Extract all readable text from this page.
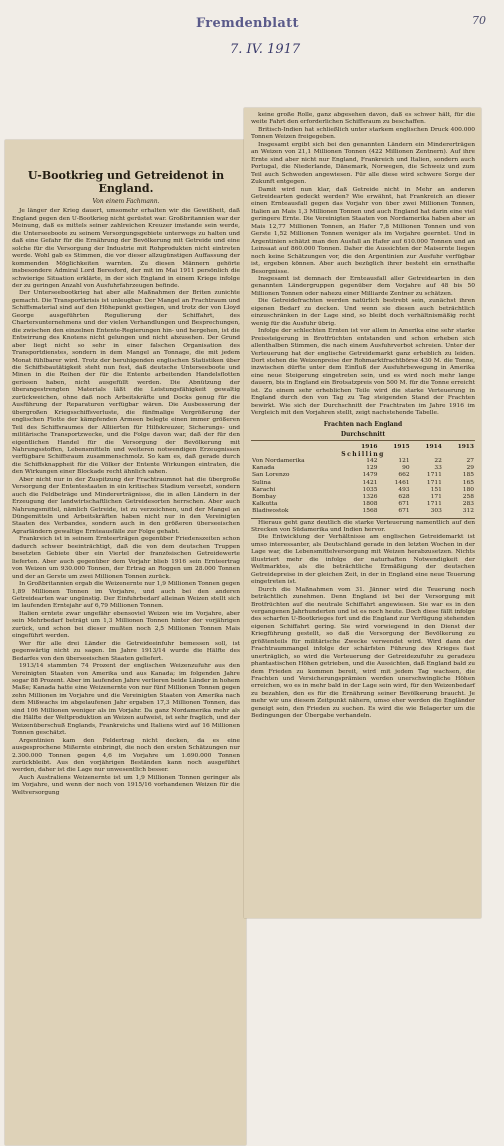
Fremdenblatt
7. IV. 1917
70
U-Bootkrieg und Getreidenot in England.
Von einem Fachmann.

Je länger der Krieg dauert, umsomehr erhalten wir die Gewißheit, daß England gegen den U-Bootkrieg nicht gerüstet war. Großbritannien war der Meinung, daß es mittels seiner zahlreichen Kreuzer imstande sein werde, die Unterseeboote zu seinem Versorgungsgebiete unterwegs zu halten und daß eine Gefahr für die Ernährung der Bevölkerung mit Getreide und eine solche für die Versorgung der Industrie mit Rohprodukten nicht eintreten werde. Wohl gab es Stimmen, die vor dieser allzugünstigen Auffassung der kommenden Möglichkeiten warnten. Zu diesen Männern gehörte insbesondere Admiral Lord Beresford, der mit im Mai 1911 persönlich die schwierige Situation erklärte, in der sich England in einem Kriege infolge der zu geringen Anzahl von Ausfuhrfahrzeugen befinde.

Der Unterseebootkrieg hat aber alle Maßnahmen der Briten zunichte gemacht. Die Transportkrisis ist unleugbar. Der Mangel an Frachtraum und Schiffsmaterial sind auf den Höhepunkt gestiegen, und trotz der von Lloyd George ausgeführten Regulierung der Schiffahrt, des Chartersunternehmens und der vielen Verhandlungen und Besprechungen, die zwischen den einzelnen Entente-Regierungen hin- und hergehen, ist die Entwirrung des Knotens nicht gelungen und nicht abzusehen. Der Grund aber liegt nicht so sehr in einer falschen Organisation des Transportdienstes, sondern in dem Mangel an Tonnage, die mit jedem Monat fühlbarer wird. Trotz der beruhigenden englischen Statistiken über die Schiffsbautätigkeit steht nun fest, daß deutsche Unterseeboote und Minen in die Reihen der für die Entente arbeitenden Handelsflotten gerissen haben, nicht ausgefüllt werden. Die Abnützung der überangestrengten Materials läßt die Leistungsfähigkeit gewaltig zurückweichen, ohne daß noch Arbeitskräfte und Docks genug für die Ausführung der Reparaturen verfügbar wären. Die Ausbesserung der übergroßen Kriegsschiffsverluste, die fünfmalige Vergrößerung der englischen Flotte der kämpfenden Armeen belegte einen immer größeren Teil des Schiffsraumes der Alliierten für Hilfskreuzer, Sicherungs- und militärische Transportzwecke, und die Folge davon war, daß der für den eigentlichen Handel für die Versorgung der Bevölkerung mit Nahrungsstoffen, Lebensmitteln und weiteren notwendigen Erzeugnissen verfügbare Schiffsraum zusammenschmolz. So kam es, daß gerade durch die Schiffsknappheit für die Völker der Entente Wirkungen eintraten, die den Wirkungen einer Blockade recht ähnlich sahen.

Aber nicht nur in der Zuspitzung der Frachtraumnot hat die übergroße Versorgung der Ententestaaten in ein kritisches Stadium versetzt, sondern auch die Feldbeträge und Mindererträgnisse, die in allen Ländern in der Erzeugung der landwirtschaftlichen Getreidesorten herrschen. Aber auch Nahrungsmittel, nämlich Getreide, ist zu verzeichnen, und der Mangel an Düngemitteln und Arbeitskräften haben nicht nur in den Vereinigten Staaten des Verbandes, sondern auch in den größeren überseeischen Agrarländern gewaltige Ernteausfälle zur Folge gehabt.

Frankreich ist in seinem Ernteerträgen gegenüber Friedenszeiten schon dadurch schwer beeinträchtigt, daß die von dem deutschen Truppen besetzten Gebiete über ein Viertel der französischen Getreidewerte lieferten. Aber auch gegenüber dem Vorjahr blieb 1916 sein Ernteertrag von Weizen um 930.000 Tonnen, der Ertrag an Roggen um 28.000 Tonnen und der an Gerste um zwei Millionen Tonnen zurück.

In Großbritannien ergab die Weizenernte nur 1,9 Millionen Tonnen gegen 1,89 Millionen Tonnen im Vorjahre, und auch bei den anderen Getreidearten war ungünstig. Der Einfuhrbedarf alleinan Weizen stellt sich im laufenden Erntejahr auf 6,79 Millionen Tonnen.

Italien erntete zwar ungefähr ebensoviel Weizen wie im Vorjahre, aber sein Mehrbedarf beträgt um 1,3 Millionen Tonnen hinter der vorjährigen zurück, und schon bei dieser mußten noch 2,5 Millionen Tonnen Mais eingeführt werden.

Wer für alle drei Länder die Getreideeinfuhr bemessen soll, ist gegenwärtig nicht zu sagen. Im Jahre 1913/14 wurde die Hälfte des Bedarfes von den überseeischen Staaten geliefert.

1913/14 stammten 74 Prozent der englischen Weizenzufuhr aus den Vereinigten Staaten von Amerika und aus Kanada; im folgenden Jahre sogar 88 Prozent. Aber im laufenden Jahre verlieren beide Länder in hohem Maße; Kanada hatte eine Weizenernte von nur fünf Millionen Tonnen gegen zehn Millionen im Vorjahre und die Vereinigten Staaten von Amerika nach dem Mißwachs im abgelaufenen Jahr ergaben 17,3 Millionen Tonnen, das sind 106 Millionen weniger als im Vorjahr. Da ganz Nordamerika mehr als die Hälfte der Weltproduktion an Weizen aufweist, ist sehr fraglich, und der Weizenüberschuß Englands, Frankreichs und Italiens wird auf 16 Millionen Tonnen geschätzt.

Argentinien kam den Feldertrag nicht decken, da es eine ausgesprochene Mißernte einbringt, die noch den ersten Schätzungen nur 2.300.000 Tonnen gegen 4,6 im Vorjahre um 1.690.000 Tonnen zurückbleibt. Aus den vorjährigen Beständen kann noch ausgeführt werden, daher ist die Lage nur unwesentlich besser.

Auch Australiens Weizenernte ist um 1,9 Millionen Tonnen geringer als im Vorjahre, und wenn der noch von 1915/16 vorhandenen Weizen für die Weltversorgung

keine große Rolle, ganz abgesehen davon, daß es schwer hält, für die weite Fahrt den erforderlichen Schiffsraum zu beschaffen.

Britisch-Indien hat schließlich unter starkem englischen Druck 400.000 Tonnen Weizen freigegeben.

Insgesamt ergibt sich bei den genannten Ländern ein Mindererträgen an Weizen von 21,1 Millionen Tonnen (422 Millionen Zentnern). Auf ihre Ernte sind aber nicht nur England, Frankreich und Italien, sondern auch Portugal, die Niederlande, Dänemark, Norwegen, die Schweiz und zum Teil auch Schweden angewiesen. Für alle diese wird schwere Sorge der Zukunft entgegen.

Damit wird nun klar, daß Getreide nicht in Mehr an anderen Getreidearten gedeckt werden? Wie erwähnt, hat Frankreich an dieser einen Ernteausfall gegen das Vorjahr von über zwei Millionen Tonnen, Italien an Mais 1,3 Millionen Tonnen und auch England hat darin eine viel geringere Ernte. Die Vereinigten Staaten von Nordamerika haben aber an Mais 12,77 Millionen Tonnen, an Hafer 7,8 Millionen Tonnen und von Gerste 1,52 Millionen Tonnen weniger als im Vorjahre geerntet. Und in Argentinien schätzt man den Ausfall an Hafer auf 610.000 Tonnen und an Leinsaat auf 860.000 Tonnen. Daher die Aussichten der Maisernte liegen noch keine Schätzungen vor, die den Argentinien zur Ausfuhr verfügbar ist, ergeben können. Aber auch bezüglich ihrer besteht ein ernsthafte Besorgnisse.

Insgesamt ist demnach der Ernteausfall aller Getreidearten in den genannten Ländergruppen gegenüber dem Vorjahre auf 48 bis 50 Millionen Tonnen oder nahezu einer Milliarde Zentner zu schätzen.

Die Getreidefrachten werden natürlich bestrebt sein, zunächst ihren eigenen Bedarf zu decken. Und wenn sie diesen auch beträchtlich einzuschränken in der Lage sind, so bleibt doch verhältnismäßig recht wenig für die Ausfuhr übrig.

Infolge der schlechten Ernten ist vor allem in Amerika eine sehr starke Preissteigerung in Brotfrüchten entstanden und schon erheben sich allenthalben Stimmen, die nach einem Ausfuhrverbot schreien. Unter der Verteuerung hat der englische Getreidemarkt ganz erheblich zu leiden. Dort stehen die Weizenpreise der Rohmarktfrachtbörse 430 M. die Tonne, inzwischen dürfte unter dem Einfluß der Ausfuhrbewegung in Amerika eine neue Steigerung eingetreten sein, und es wird noch mehr lange dauern, bis in England ein Brotsatzpreis von 500 M. für die Tonne erreicht ist. Zu einem sehr erheblichen Teile wird die starke Verteuerung in England durch den von Tag zu Tag steigenden Stand der Frachten bewirkt. Wie sich der Durchschnitt der Frachtraten im Jahre 1916 im Vergleich mit den Vorjahren stellt, zeigt nachstehende Tabelle.

Frachten nach England
Durchschnitt
	1916	1915	1914	1913
Schilling				
Von Nordamerika	142	121	22	27
Kanada	129	90	33	29
San Lorenzo	1479	662	1711	185
Sulina	1421	1461	1711	165
Karachi	1035	493	151	180
Bombay	1326	628	171	258
Kalkutta	1808	671	1711	283
Bladiwostok	1568	671	303	312

Hieraus geht ganz deutlich die starke Verteuerung namentlich auf den Strecken von Südamerika und Indien hervor.

Die Entwicklung der Verhältnisse am englischen Getreidemarkt ist umso interessanter, als Deutschland gerade in den letzten Wochen in der Lage war, die Lebensmittelversorgung mit Weizen herabzusetzen. Nichts illustriert mehr die infolge der naturhaften Notwendigkeit der Weltmarktes, als die beträchtliche Ermäßigung der deutschen Getreidepreise in der gleichen Zeit, in der in England eine neue Teuerung eingetreten ist.

Durch die Maßnahmen vom 31. Jänner wird die Teuerung noch beträchtlich zunehmen. Denn England ist bei der Versorgung mit Brotfrüchten auf die neutrale Schiffahrt angewiesen. Sie war es in den vergangenen Jahrhunderten und ist es noch heute. Doch diese fällt infolge des scharfen U-Bootkrieges fort und die England zur Verfügung stehenden eigenen Schiffahrt gering. Sie wird vorwiegend in den Dienst der Kriegführung gestellt, so daß die Versorgung der Bevölkerung zu größtenteils für militärische Zwecke verwendet wird. Wird dann der Frachtraummangel infolge der schärfsten Führung des Krieges fast unerträglich, so wird die Verteuerung der Getreidezufuhr zu geradezu phantastischen Höhen getrieben, und die Aussichten, daß England bald zu dem Frieden zu kommen bereit, wird mit jedem Tag wachsen, die Frachten und Versicherungsprämien werden unerschwingliche Höhen erreichen, wo es in mehr bald in der Lage sein wird, für den Weizenbedarf zu bezahlen, den es für die Ernährung seiner Bevölkerung braucht. Je mehr wir uns diesem Zeitpunkt nähern, umso eher werden die Engländer geneigt sein, den Frieden zu suchen. Es wird die wie Belagerter um die Bedingungen der Übergabe verhandeln.
